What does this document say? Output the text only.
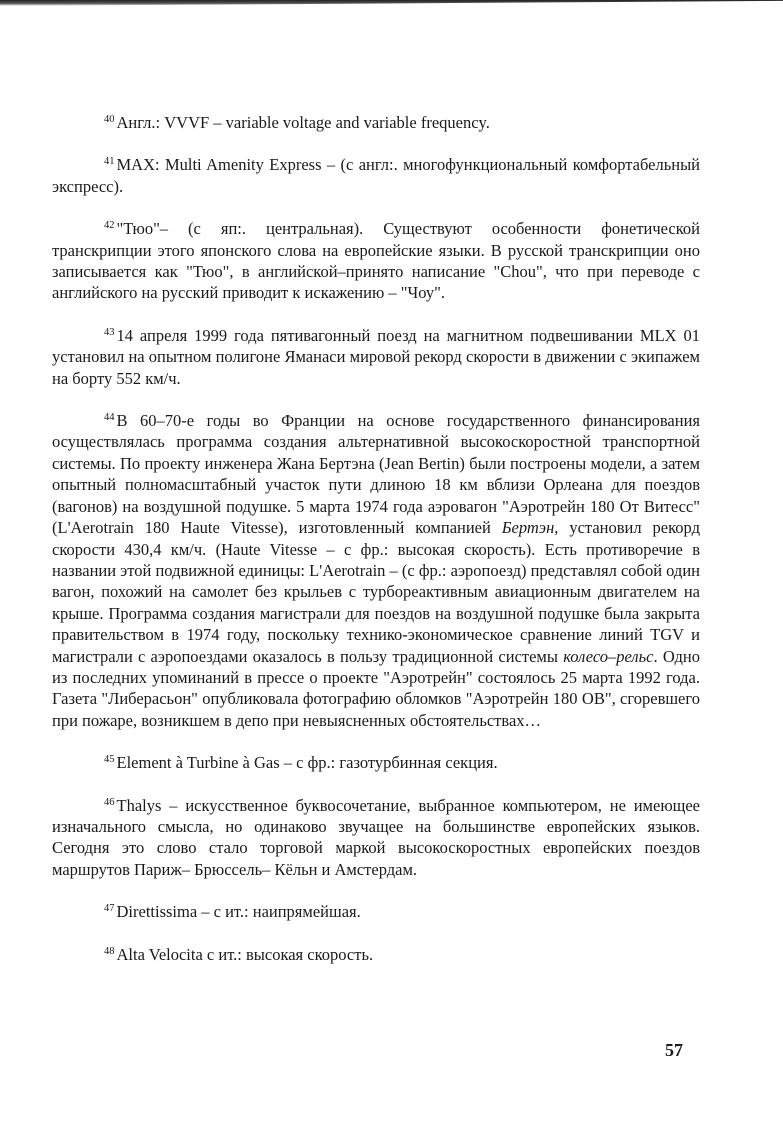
$^{40}$ Англ.: VVVF – variable voltage and variable frequency.

$^{41}$ MAX: Multi Amenity Express – (с англ:. многофункциональный комфортабельный экспресс).

$^{42}$ "Тюо"– (с яп:. центральная). Существуют особенности фонетической транскрипции этого японского слова на европейские языки. В русской транскрипции оно записывается как "Тюо", в английской–принято написание "Chou", что при переводе с английского на русский приводит к искажению – "Чоу".

$^{43}$ 14 апреля 1999 года пятивагонный поезд на магнитном подвешивании MLX 01 установил на опытном полигоне Яманаси мировой рекорд скорости в движении с экипажем на борту 552 км/ч.

$^{44}$ В 60–70-е годы во Франции на основе государственного финансирования осуществлялась программа создания альтернативной высокоскоростной транспортной системы. По проекту инженера Жана Бертэна (Jean Bertin) были построены модели, а затем опытный полномасштабный участок пути длиною 18 км вблизи Орлеана для поездов (вагонов) на воздушной подушке. 5 марта 1974 года аэровагон "Аэротрейн 180 От Витесс" (L'Aerotrain 180 Haute Vitesse), изготовленный компанией Бертэн, установил рекорд скорости 430,4 км/ч. (Haute Vitesse – с фр.: высокая скорость). Есть противоречие в названии этой подвижной единицы: L'Aerotrain – (с фр.: аэропоезд) представлял собой один вагон, похожий на самолет без крыльев с турбореактивным авиационным двигателем на крыше. Программа создания магистрали для поездов на воздушной подушке была закрыта правительством в 1974 году, поскольку технико-экономическое сравнение линий TGV и магистрали с аэропоездами оказалось в пользу традиционной системы колесо–рельс. Одно из последних упоминаний в прессе о проекте "Аэротрейн" состоялось 25 марта 1992 года. Газета "Либерасьон" опубликовала фотографию обломков "Аэротрейн 180 OB", сгоревшего при пожаре, возникшем в депо при невыясненных обстоятельствах…

$^{45}$ Element à Turbine à Gas – с фр.: газотурбинная секция.

$^{46}$ Thalys – искусственное буквосочетание, выбранное компьютером, не имеющее изначального смысла, но одинаково звучащее на большинстве европейских языков. Сегодня это слово стало торговой маркой высокоскоростных европейских поездов маршрутов Париж– Брюссель– Кёльн и Амстердам.

$^{47}$ Direttissima – с ит.: наипрямейшая.

$^{48}$ Alta Velocita с ит.: высокая скорость.

57
